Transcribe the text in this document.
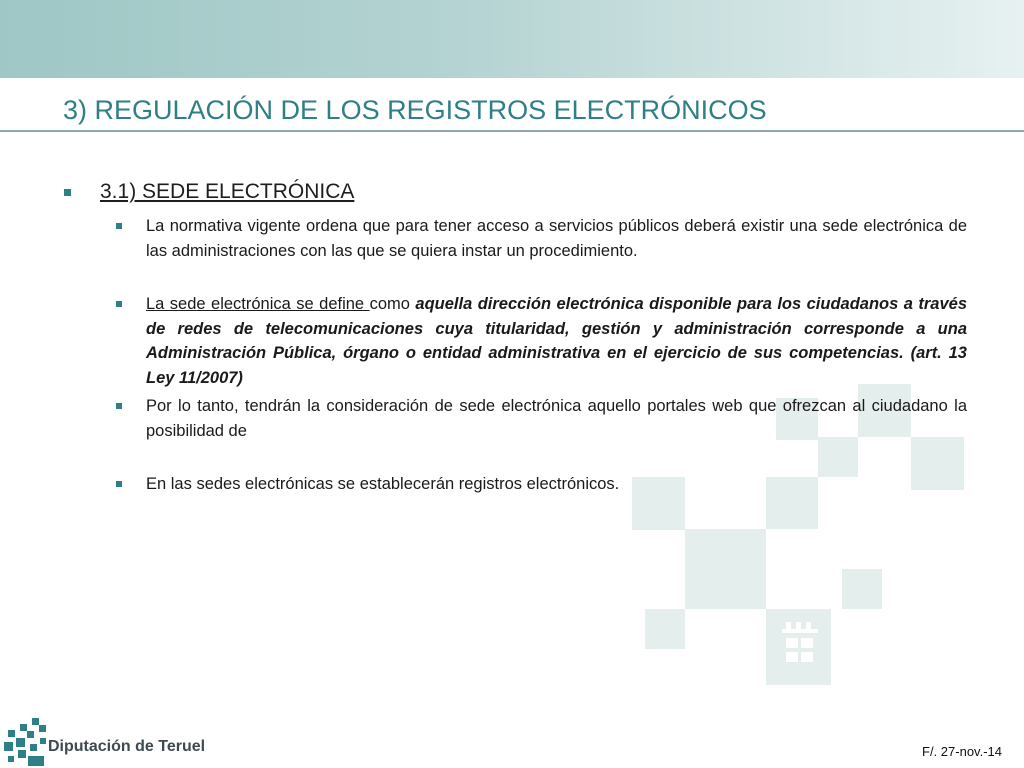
3) REGULACIÓN DE LOS REGISTROS ELECTRÓNICOS
3.1) SEDE ELECTRÓNICA
La normativa vigente ordena que para tener acceso a servicios públicos deberá existir una sede electrónica de las administraciones con las que se quiera instar un procedimiento.
La sede electrónica se define como aquella dirección electrónica disponible para los ciudadanos a través de redes de telecomunicaciones cuya titularidad, gestión y administración corresponde a una Administración Pública, órgano o entidad administrativa en el ejercicio de sus competencias. (art. 13 Ley 11/2007)
Por lo tanto, tendrán la consideración de sede electrónica aquello portales web que ofrezcan al ciudadano la posibilidad de
En las sedes electrónicas se establecerán registros electrónicos.
Diputación de Teruel	F/. 27-nov.-14
